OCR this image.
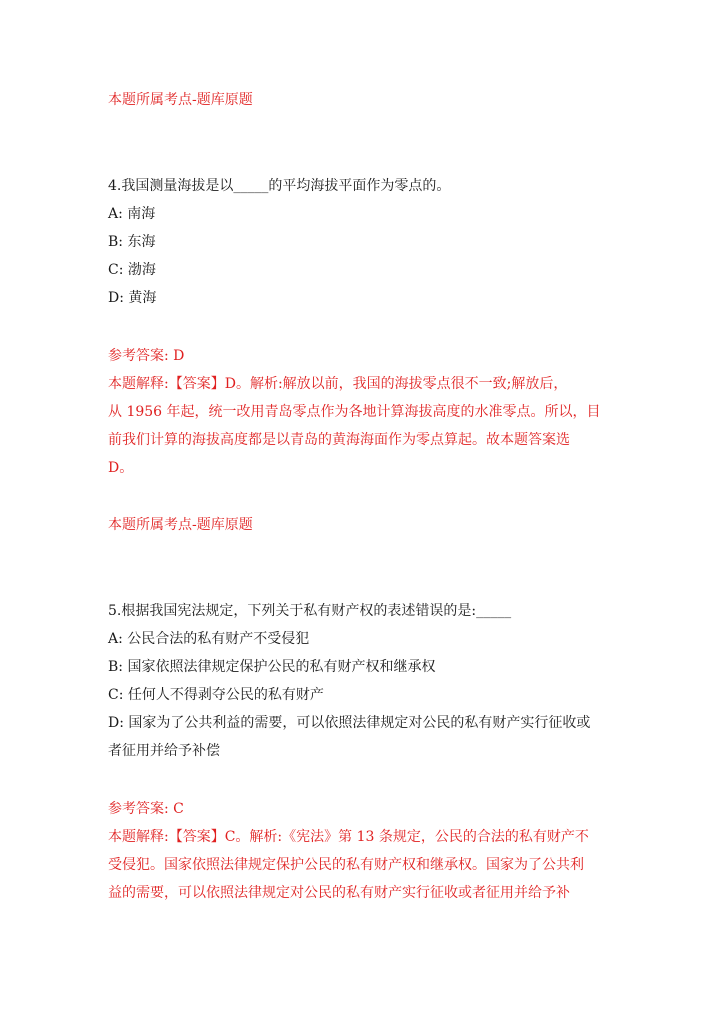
本题所属考点-题库原题
4.我国测量海拔是以_____的平均海拔平面作为零点的。
A: 南海
B: 东海
C: 渤海
D: 黄海
参考答案: D
本题解释:【答案】D。解析:解放以前，我国的海拔零点很不一致;解放后，
从 1956 年起，统一改用青岛零点作为各地计算海拔高度的水准零点。所以，目
前我们计算的海拔高度都是以青岛的黄海海面作为零点算起。故本题答案选
D。
本题所属考点-题库原题
5.根据我国宪法规定，下列关于私有财产权的表述错误的是:_____
A: 公民合法的私有财产不受侵犯
B: 国家依照法律规定保护公民的私有财产权和继承权
C: 任何人不得剥夺公民的私有财产
D: 国家为了公共利益的需要，可以依照法律规定对公民的私有财产实行征收或
者征用并给予补偿
参考答案: C
本题解释:【答案】C。解析:《宪法》第 13 条规定，公民的合法的私有财产不
受侵犯。国家依照法律规定保护公民的私有财产权和继承权。国家为了公共利
益的需要，可以依照法律规定对公民的私有财产实行征收或者征用并给予补
